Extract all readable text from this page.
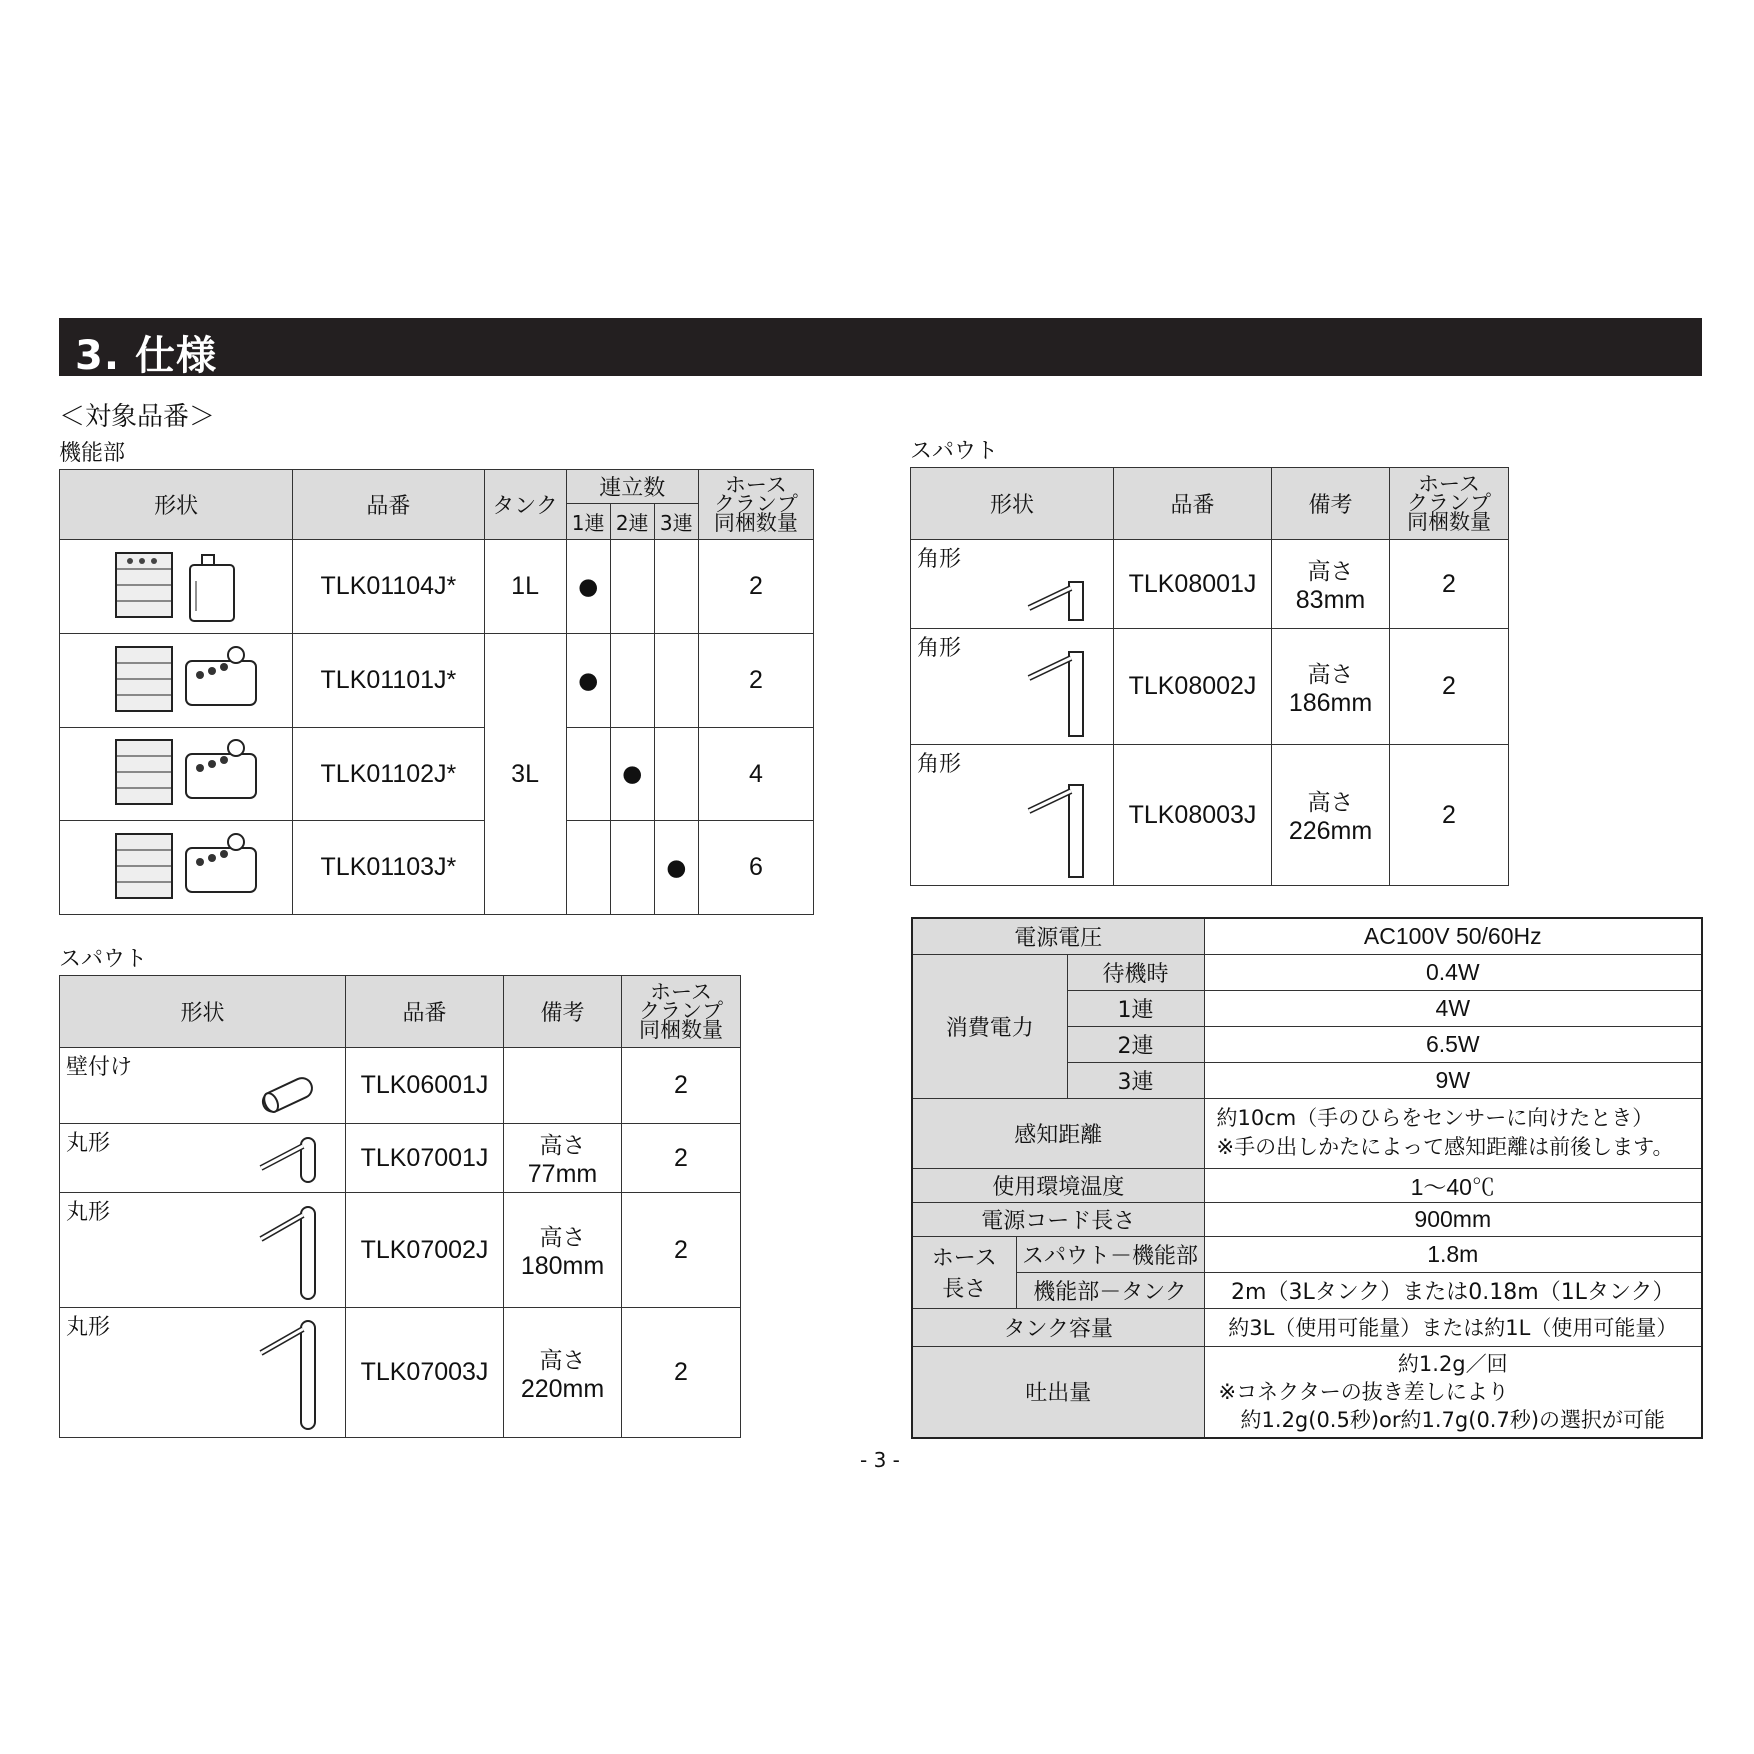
3. 仕様
＜対象品番＞
機能部
形状	品番	タンク	連立数			ホース
クランプ
同梱数量

			1連	2連	3連	
	TLK01104J*	1L	●			2
	TLK01101J*	3L	●			2
	TLK01102J*			●		4
	TLK01103J*				●	6
スパウト
形状	品番	備考	ホース
クランプ
同梱数量

壁付け	TLK06001J		2

丸形	TLK07001J	高さ
77mm	2

丸形	TLK07002J	高さ
180mm	2

丸形	TLK07003J	高さ
220mm	2
スパウト
形状	品番	備考	ホース
クランプ
同梱数量

角形	TLK08001J	高さ
83mm	2

角形	TLK08002J	高さ
186mm	2

角形	TLK08003J	高さ
226mm	2
電源電圧			AC100V 50/60Hz
消費電力		待機時	0.4W
		1連	4W
		2連	6.5W
		3連	9W
感知距離			約10cm（手のひらをセンサーに向けたとき）
※手の出しかたによって感知距離は前後します。

使用環境温度			1～40℃
電源コード長さ			900mm

ホース
長さ	スパウト－機能部		1.8m
	機能部－タンク		2m（3Lタンク）または0.18m（1Lタンク）
タンク容量			約3L（使用可能量）または約1L（使用可能量）
吐出量			約1.2g／回
※コネクターの抜き差しにより
約1.2g(0.5秒)or約1.7g(0.7秒)の選択が可能
- 3 -
